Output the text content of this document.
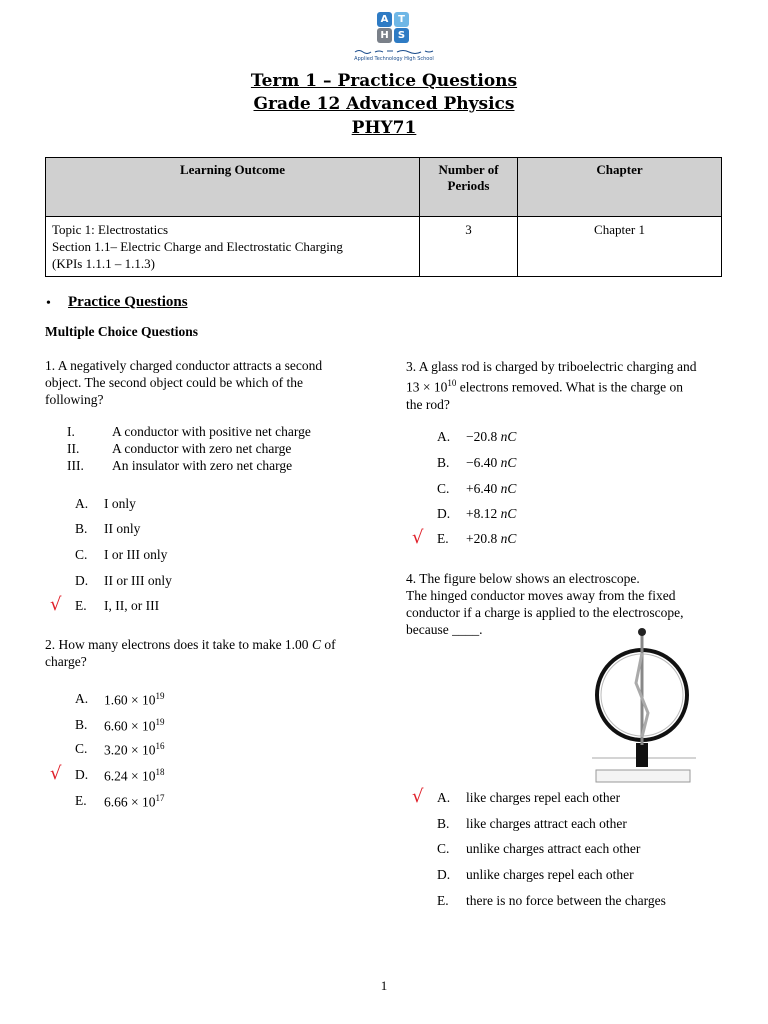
A T
H S
Applied Technology High School
Term 1 – Practice Questions
Grade 12 Advanced Physics
PHY71
Learning Outcome	Number of Periods	Chapter

Topic 1: Electrostatics
Section 1.1– Electric Charge and Electrostatic Charging
(KPIs 1.1.1 – 1.1.3)	3	Chapter 1
• Practice Questions
Multiple Choice Questions
1. A negatively charged conductor attracts a second object. The second object could be which of the following?
I.	A conductor with positive net charge
II. A conductor with zero net charge
III. An insulator with zero net charge
A. I only
B. II only
C. I or III only
D. II or III only
√ E. I, II, or III
2. How many electrons does it take to make 1.00 C of charge?
A. $1.60 \times 10^{19}$
B. $6.60 \times 10^{19}$
C. $3.20 \times 10^{16}$
√ D. $6.24 \times 10^{18}$
E. $6.66 \times 10^{17}$
3. A glass rod is charged by triboelectric charging and
$13 \times 10^{10}$ electrons removed. What is the charge on
the rod?
A. −20.8 nC
B. −6.40 nC
C. +6.40 nC
D. +8.12 nC
√ E. +20.8 nC
4. The figure below shows an electroscope.
The hinged conductor moves away from the fixed conductor if a charge is applied to the electroscope, because ____.
√ A. like charges repel each other
B. like charges attract each other
C. unlike charges attract each other
D. unlike charges repel each other
E. there is no force between the charges
1
